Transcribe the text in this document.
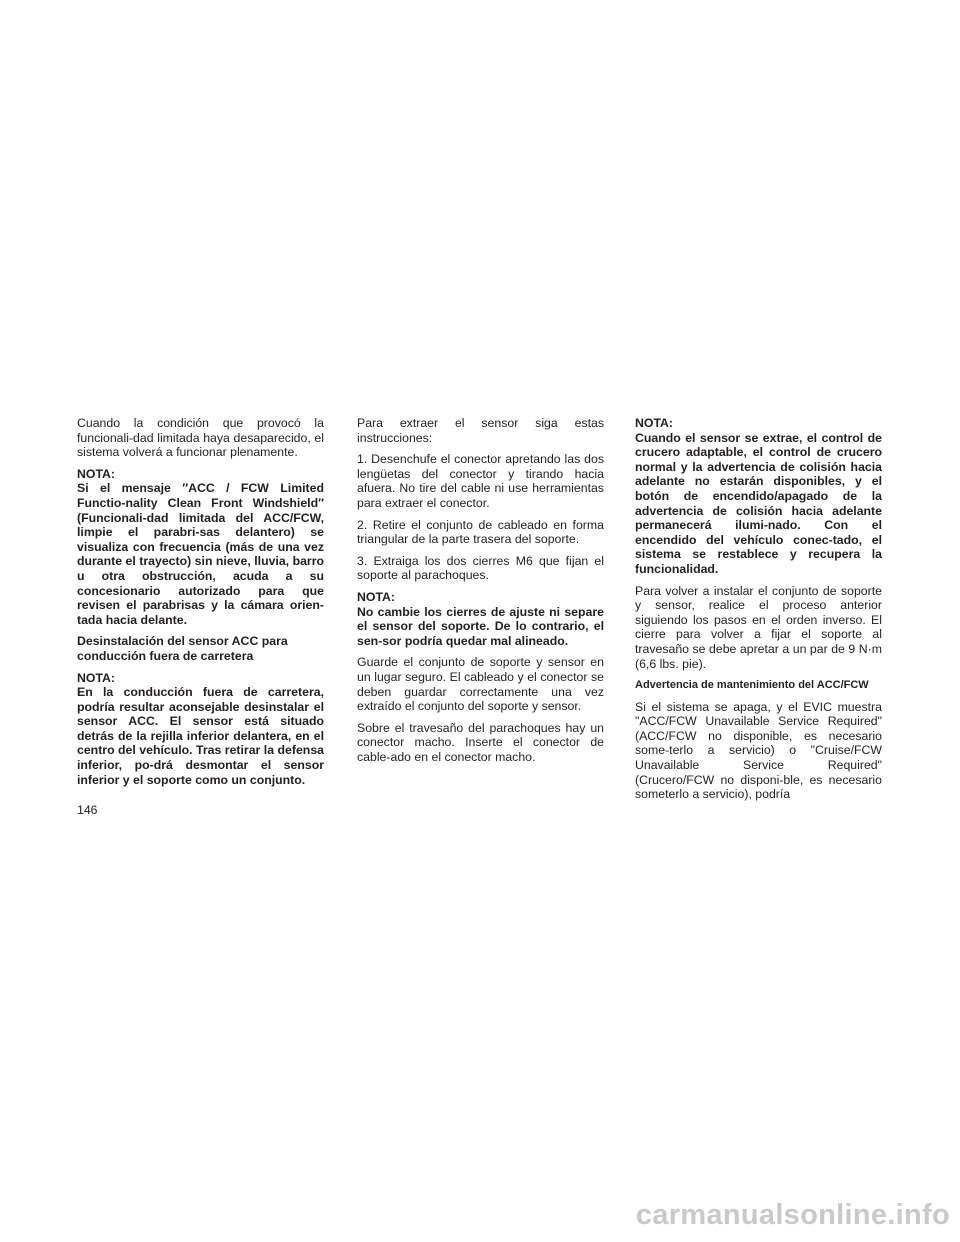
Cuando la condición que provocó la funcionali-dad limitada haya desaparecido, el sistema volverá a funcionar plenamente.

NOTA:

Si el mensaje ″ACC / FCW Limited Functio-nality Clean Front Windshield″ (Funcionali-dad limitada del ACC/FCW, limpie el parabri-sas delantero) se visualiza con frecuencia (más de una vez durante el trayecto) sin nieve, lluvia, barro u otra obstrucción, acuda a su concesionario autorizado para que revisen el parabrisas y la cámara orien-tada hacia delante.

Desinstalación del sensor ACC para conducción fuera de carretera

NOTA:

En la conducción fuera de carretera, podría resultar aconsejable desinstalar el sensor ACC. El sensor está situado detrás de la rejilla inferior delantera, en el centro del vehículo. Tras retirar la defensa inferior, po-drá desmontar el sensor inferior y el soporte como un conjunto.

Para extraer el sensor siga estas instrucciones:

1. Desenchufe el conector apretando las dos lengüetas del conector y tirando hacia afuera. No tire del cable ni use herramientas para extraer el conector.

2. Retire el conjunto de cableado en forma triangular de la parte trasera del soporte.

3. Extraiga los dos cierres M6 que fijan el soporte al parachoques.

NOTA:

No cambie los cierres de ajuste ni separe el sensor del soporte. De lo contrario, el sen-sor podría quedar mal alineado.

Guarde el conjunto de soporte y sensor en un lugar seguro. El cableado y el conector se deben guardar correctamente una vez extraído el conjunto del soporte y sensor.

Sobre el travesaño del parachoques hay un conector macho. Inserte el conector de cable-ado en el conector macho.

NOTA:

Cuando el sensor se extrae, el control de crucero adaptable, el control de crucero normal y la advertencia de colisión hacia adelante no estarán disponibles, y el botón de encendido/apagado de la advertencia de colisión hacia adelante permanecerá ilumi-nado. Con el encendido del vehículo conec-tado, el sistema se restablece y recupera la funcionalidad.

Para volver a instalar el conjunto de soporte y sensor, realice el proceso anterior siguiendo los pasos en el orden inverso. El cierre para volver a fijar el soporte al travesaño se debe apretar a un par de 9 N·m (6,6 lbs. pie).

Advertencia de mantenimiento del ACC/FCW

Si el sistema se apaga, y el EVIC muestra "ACC/FCW Unavailable Service Required" (ACC/FCW no disponible, es necesario some-terlo a servicio) o "Cruise/FCW Unavailable Service Required" (Crucero/FCW no disponi-ble, es necesario someterlo a servicio), podría

146
carmanualsonline.info
